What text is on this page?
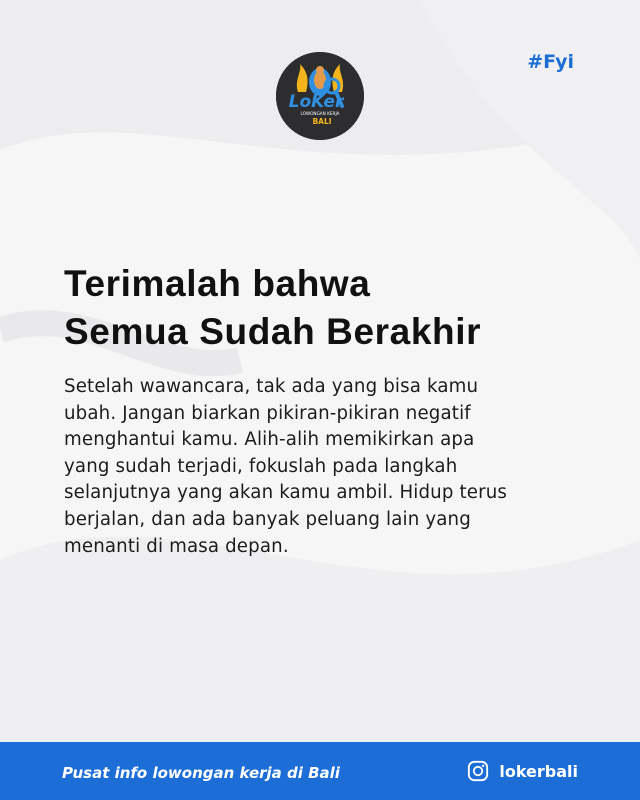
LoKer
LOWONGAN KERJA
BALI
#Fyi
Terimalah bahwa
Semua Sudah Berakhir
Setelah wawancara, tak ada yang bisa kamu
ubah. Jangan biarkan pikiran-pikiran negatif
menghantui kamu. Alih-alih memikirkan apa
yang sudah terjadi, fokuslah pada langkah
selanjutnya yang akan kamu ambil. Hidup terus
berjalan, dan ada banyak peluang lain yang
menanti di masa depan.
Pusat info lowongan kerja di Bali	lokerbali
